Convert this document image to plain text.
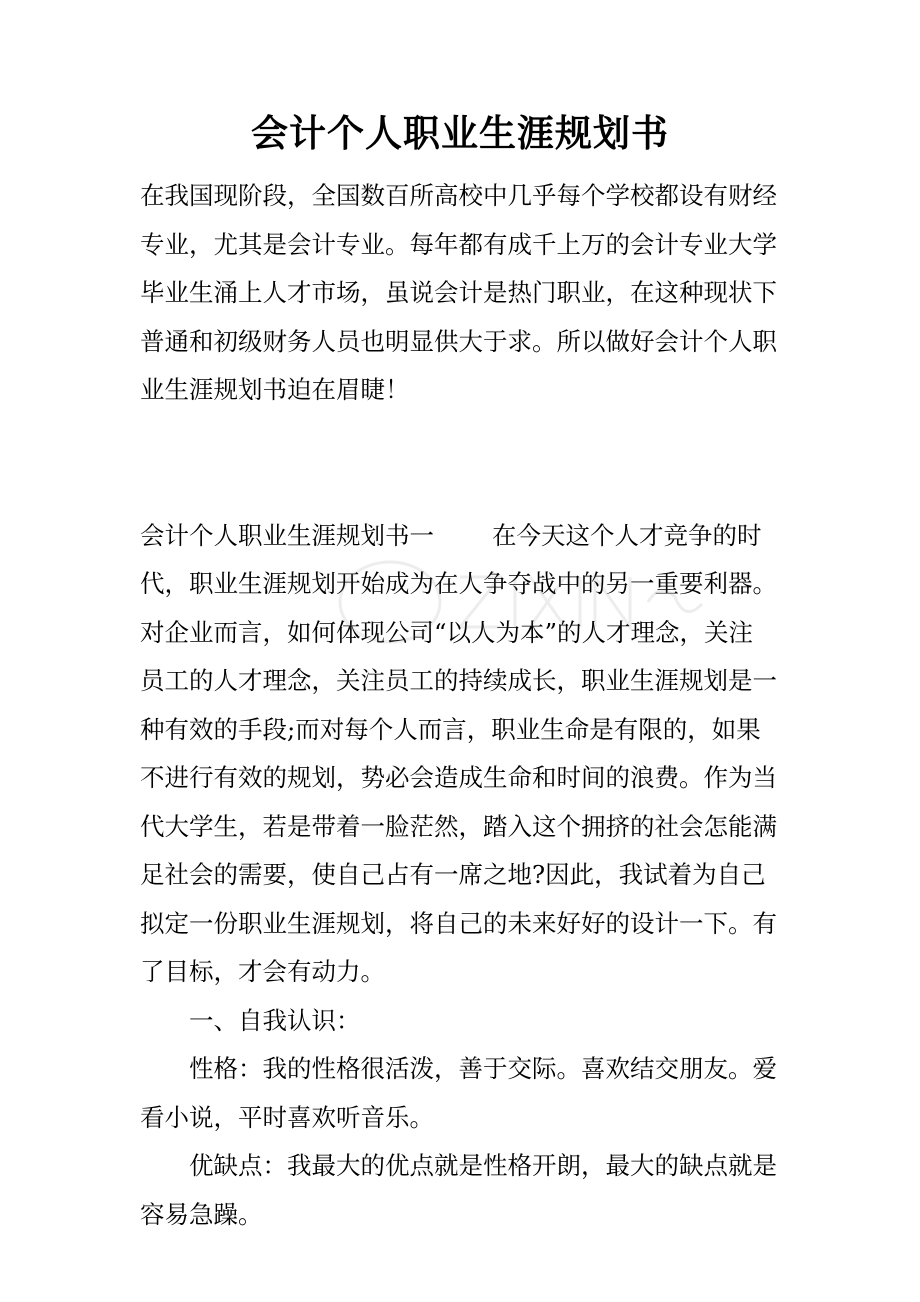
会计个人职业生涯规划书
在我国现阶段，全国数百所高校中几乎每个学校都设有财经
专业，尤其是会计专业。每年都有成千上万的会计专业大学
毕业生涌上人才市场，虽说会计是热门职业，在这种现状下
普通和初级财务人员也明显供大于求。所以做好会计个人职
业生涯规划书迫在眉睫！
会计个人职业生涯规划书一 在今天这个人才竞争的时
代，职业生涯规划开始成为在人争夺战中的另一重要利器。
对企业而言，如何体现公司“以人为本”的人才理念，关注
员工的人才理念，关注员工的持续成长，职业生涯规划是一
种有效的手段;而对每个人而言，职业生命是有限的，如果
不进行有效的规划，势必会造成生命和时间的浪费。作为当
代大学生，若是带着一脸茫然，踏入这个拥挤的社会怎能满
足社会的需要，使自己占有一席之地?因此，我试着为自己
拟定一份职业生涯规划，将自己的未来好好的设计一下。有
了目标，才会有动力。
一、自我认识：
性格：我的性格很活泼，善于交际。喜欢结交朋友。爱
看小说，平时喜欢听音乐。
优缺点：我最大的优点就是性格开朗，最大的缺点就是
容易急躁。
